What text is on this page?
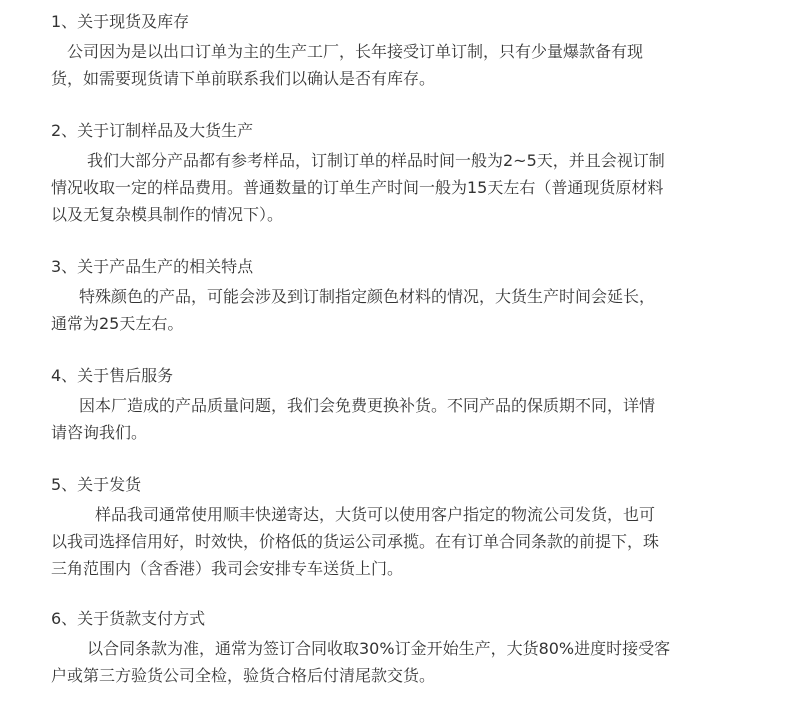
1、关于现货及库存
公司因为是以出口订单为主的生产工厂，长年接受订单订制，只有少量爆款备有现
货，如需要现货请下单前联系我们以确认是否有库存。
2、关于订制样品及大货生产
我们大部分产品都有参考样品，订制订单的样品时间一般为2~5天，并且会视订制
情况收取一定的样品费用。普通数量的订单生产时间一般为15天左右（普通现货原材料
以及无复杂模具制作的情况下）。
3、关于产品生产的相关特点
特殊颜色的产品，可能会涉及到订制指定颜色材料的情况，大货生产时间会延长，
通常为25天左右。
4、关于售后服务
因本厂造成的产品质量问题，我们会免费更换补货。不同产品的保质期不同，详情
请咨询我们。
5、关于发货
样品我司通常使用顺丰快递寄达，大货可以使用客户指定的物流公司发货，也可
以我司选择信用好，时效快，价格低的货运公司承揽。在有订单合同条款的前提下，珠
三角范围内（含香港）我司会安排专车送货上门。
6、关于货款支付方式
以合同条款为准，通常为签订合同收取30%订金开始生产，大货80%进度时接受客
户或第三方验货公司全检，验货合格后付清尾款交货。
